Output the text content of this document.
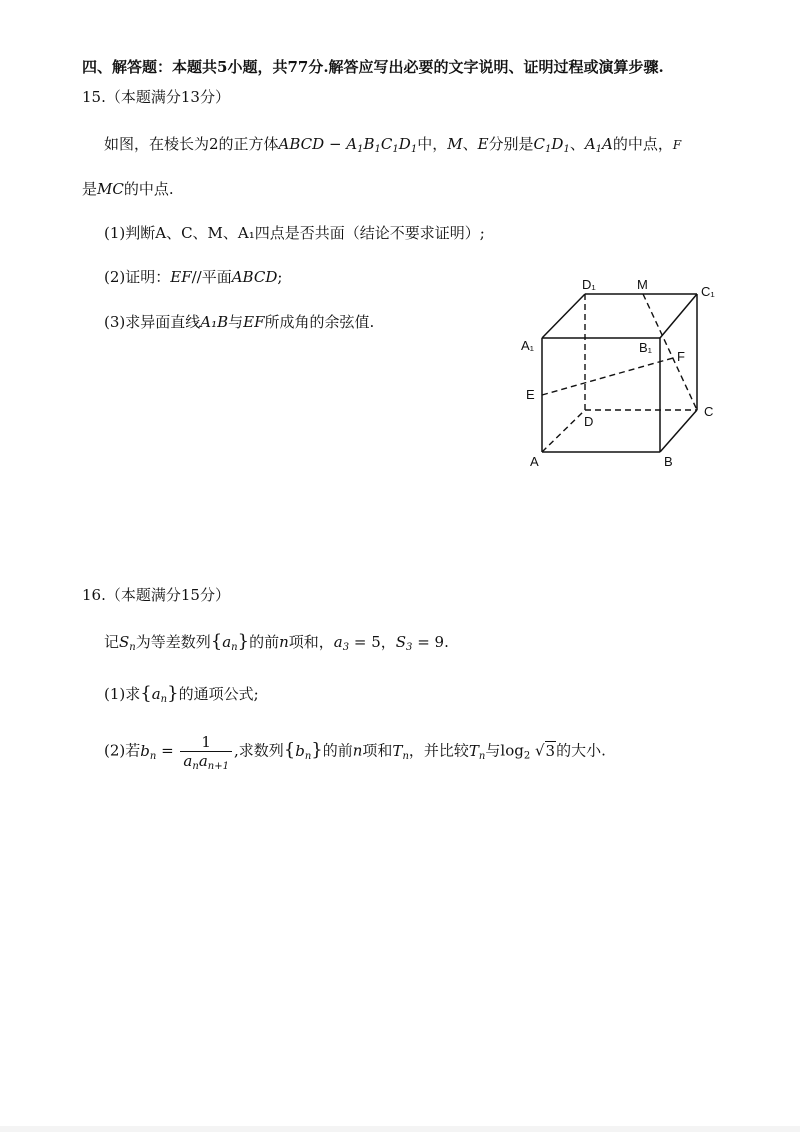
四、解答题：本题共5小题，共77分.解答应写出必要的文字说明、证明过程或演算步骤.
15.（本题满分13分）
如图，在棱长为2的正方体ABCD − $A_1B_1C_1D_1$中，M、E分别是$C_1D_1$、$A_1A$的中点，F
是MC的中点.
(1)判断A、C、M、A₁四点是否共面（结论不要求证明）;
(2)证明：EF//平面ABCD;
(3)求异面直线A₁B与EF所成角的余弦值.
D₁	M	C₁
A₁	B₁
F
E
D
C
A	B
16.（本题满分15分）
记$S_n$为等差数列$\{a_n\}$的前n项和，$a_3 = 5$，$S_3 = 9$.
(1)求$\{a_n\}$的通项公式;
(2)若$b_n = \frac{1}{a_na_{n+1}}$ ,求数列$\{b_n\}$的前n项和$T_n$，并比较$T_n$与$\log_2 √3$的大小.
